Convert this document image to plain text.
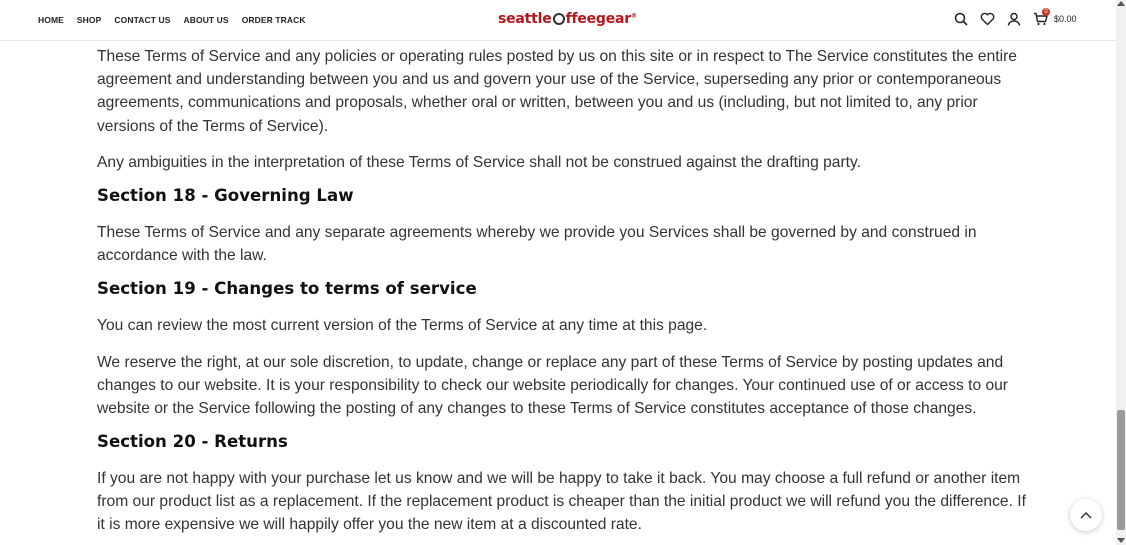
HOME SHOP CONTACT US ABOUT US ORDER TRACK	seattle ffeegear®
0
$0.00

These Terms of Service and any policies or operating rules posted by us on this site or in respect to The Service constitutes the entire agreement and understanding between you and us and govern your use of the Service, superseding any prior or contemporaneous agreements, communications and proposals, whether oral or written, between you and us (including, but not limited to, any prior versions of the Terms of Service).

Any ambiguities in the interpretation of these Terms of Service shall not be construed against the drafting party.

Section 18 - Governing Law

These Terms of Service and any separate agreements whereby we provide you Services shall be governed by and construed in accordance with the law.

Section 19 - Changes to terms of service

You can review the most current version of the Terms of Service at any time at this page.

We reserve the right, at our sole discretion, to update, change or replace any part of these Terms of Service by posting updates and changes to our website. It is your responsibility to check our website periodically for changes. Your continued use of or access to our website or the Service following the posting of any changes to these Terms of Service constitutes acceptance of those changes.

Section 20 - Returns

If you are not happy with your purchase let us know and we will be happy to take it back. You may choose a full refund or another item from our product list as a replacement. If the replacement product is cheaper than the initial product we will refund you the difference. If it is more expensive we will happily offer you the new item at a discounted rate.
